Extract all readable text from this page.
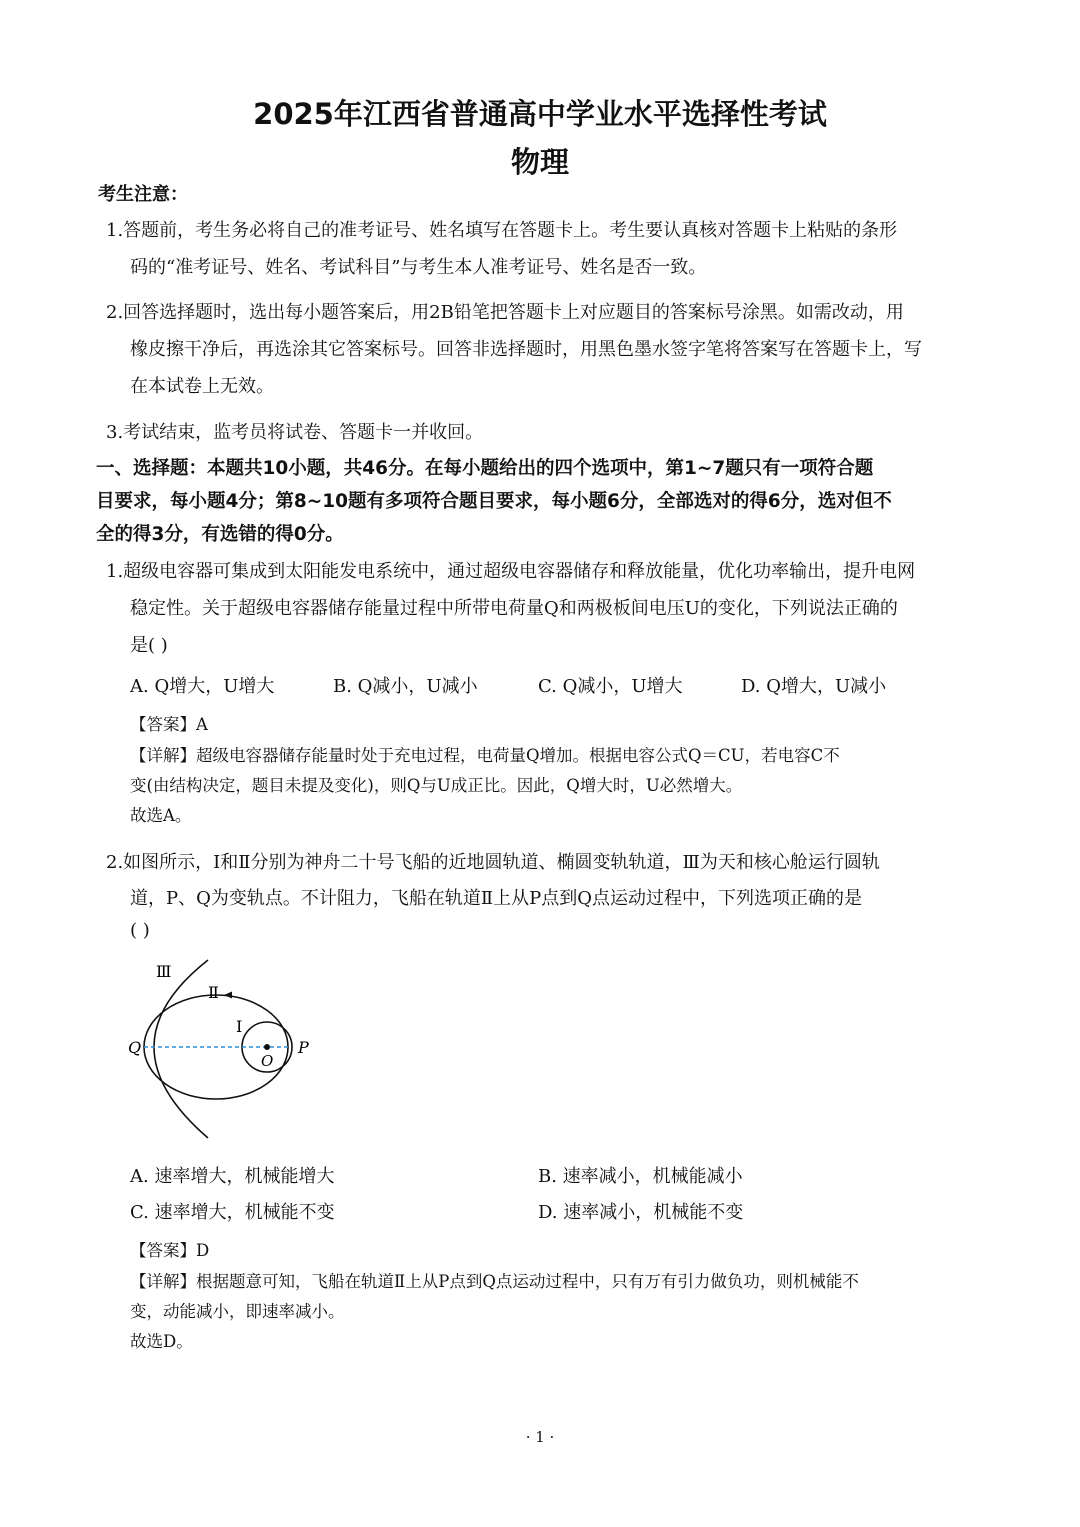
2025年江西省普通高中学业水平选择性考试
物理
考生注意：
1.答题前，考生务必将自己的准考证号、姓名填写在答题卡上。考生要认真核对答题卡上粘贴的条形
码的“准考证号、姓名、考试科目”与考生本人准考证号、姓名是否一致。
2.回答选择题时，选出每小题答案后，用2B铅笔把答题卡上对应题目的答案标号涂黑。如需改动，用
橡皮擦干净后，再选涂其它答案标号。回答非选择题时，用黑色墨水签字笔将答案写在答题卡上，写
在本试卷上无效。
3.考试结束，监考员将试卷、答题卡一并收回。
一、选择题：本题共10小题，共46分。在每小题给出的四个选项中，第1~7题只有一项符合题
目要求，每小题4分；第8~10题有多项符合题目要求，每小题6分，全部选对的得6分，选对但不
全的得3分，有选错的得0分。
1.超级电容器可集成到太阳能发电系统中，通过超级电容器储存和释放能量，优化功率输出，提升电网
稳定性。关于超级电容器储存能量过程中所带电荷量Q和两极板间电压U的变化，下列说法正确的
是( )
A. Q增大，U增大	B. Q减小，U减小	C. Q减小，U增大	D. Q增大，U减小
【答案】A
【详解】超级电容器储存能量时处于充电过程，电荷量Q增加。根据电容公式Q＝CU，若电容C不
变(由结构决定，题目未提及变化)，则Q与U成正比。因此，Q增大时，U必然增大。
故选A。
2.如图所示，Ⅰ和Ⅱ分别为神舟二十号飞船的近地圆轨道、椭圆变轨轨道，Ⅲ为天和核心舱运行圆轨
道，P、Q为变轨点。不计阻力，飞船在轨道Ⅱ上从P点到Q点运动过程中，下列选项正确的是
( )
Ⅲ
Ⅱ
Ⅰ
Q
O
P
A. 速率增大，机械能增大	B. 速率减小，机械能减小
C. 速率增大，机械能不变	D. 速率减小，机械能不变
【答案】D
【详解】根据题意可知，飞船在轨道Ⅱ上从P点到Q点运动过程中，只有万有引力做负功，则机械能不
变，动能减小，即速率减小。
故选D。
· 1 ·
